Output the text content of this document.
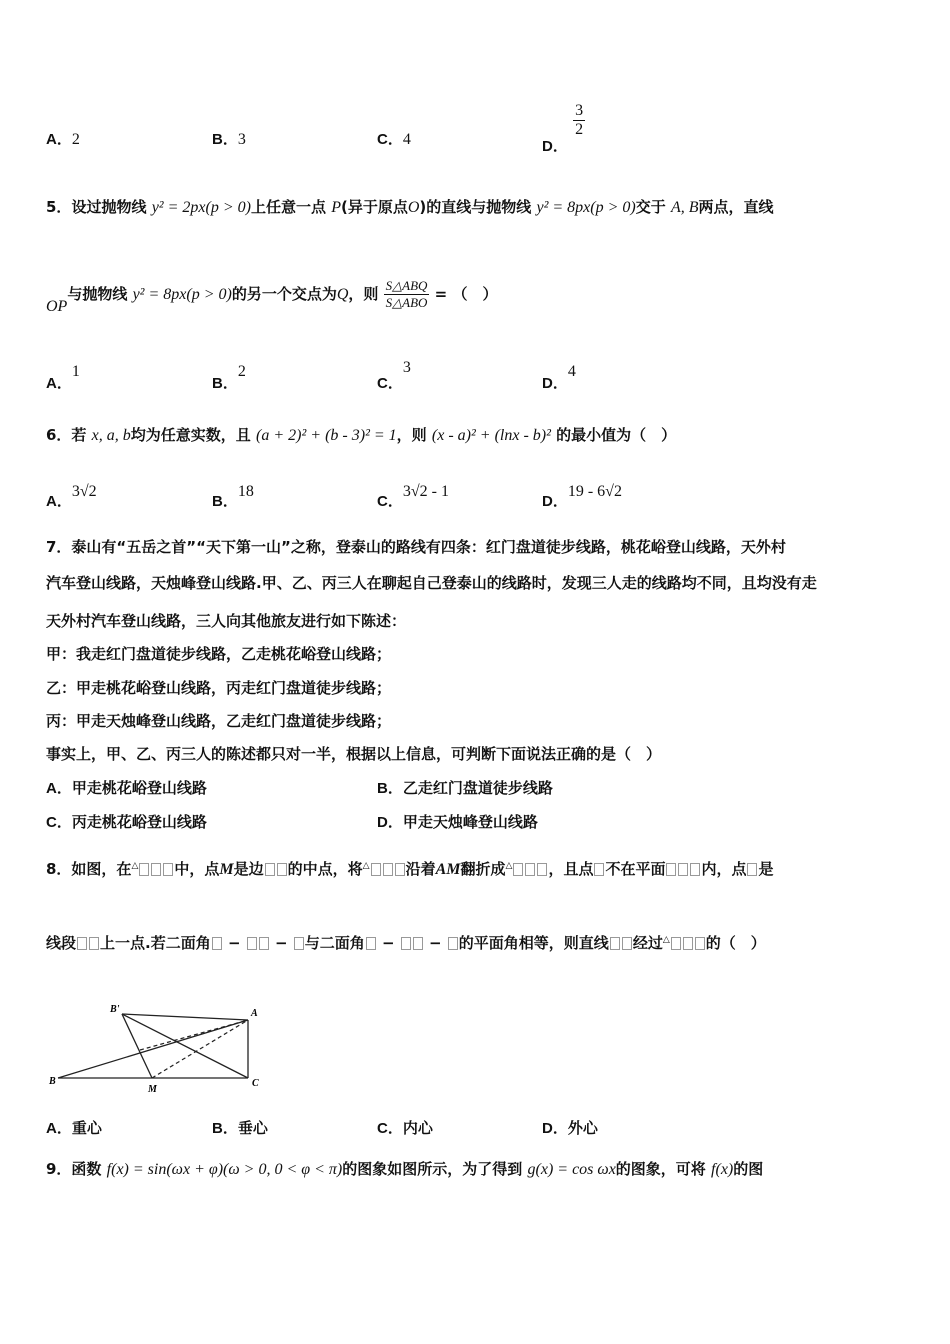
A．2	B．3	C．4	D．
$\frac{3}{2}$
5．设过抛物线 y² = 2px(p > 0)上任意一点 P(异于原点O)的直线与抛物线 y² = 8px(p > 0)交于 A, B两点，直线
OP与抛物线 y² = 8px(p > 0)的另一个交点为Q，则 $\frac{\text{S△ABQ}}{\text{S△ABO}}$ = （　）
A．1
B．2
C．3
D．4
6．若 x, a, b均为任意实数，且 (a + 2)² + (b - 3)² = 1，则 (x - a)² + (lnx - b)² 的最小值为（　）
A．3√2
B．18
C．3√2 - 1
D．19 - 6√2
7．泰山有“五岳之首”“天下第一山”之称，登泰山的路线有四条：红门盘道徒步线路，桃花峪登山线路，天外村
汽车登山线路，天烛峰登山线路.甲、乙、丙三人在聊起自己登泰山的线路时，发现三人走的线路均不同，且均没有走
天外村汽车登山线路，三人向其他旅友进行如下陈述：
甲：我走红门盘道徒步线路，乙走桃花峪登山线路；
乙：甲走桃花峪登山线路，丙走红门盘道徒步线路；
丙：甲走天烛峰登山线路，乙走红门盘道徒步线路；
事实上，甲、乙、丙三人的陈述都只对一半，根据以上信息，可判断下面说法正确的是（　）
A．甲走桃花峪登山线路	B．乙走红门盘道徒步线路
C．丙走桃花峪登山线路	D．甲走天烛峰登山线路
8．如图，在△ 中，点M是边 的中点，将△ 沿着AM翻折成△ ，且点 不在平面 内，点 是
线段 上一点.若二面角 −  − 与二面角 −  − 的平面角相等，则直线 经过△ 的（　）
B'	A
B
M
C
A．重心	B．垂心	C．内心	D．外心
9．函数 f(x) = sin(ωx + φ)(ω > 0, 0 < φ < π)的图象如图所示，为了得到 g(x) = cos ωx的图象，可将 f(x)的图
